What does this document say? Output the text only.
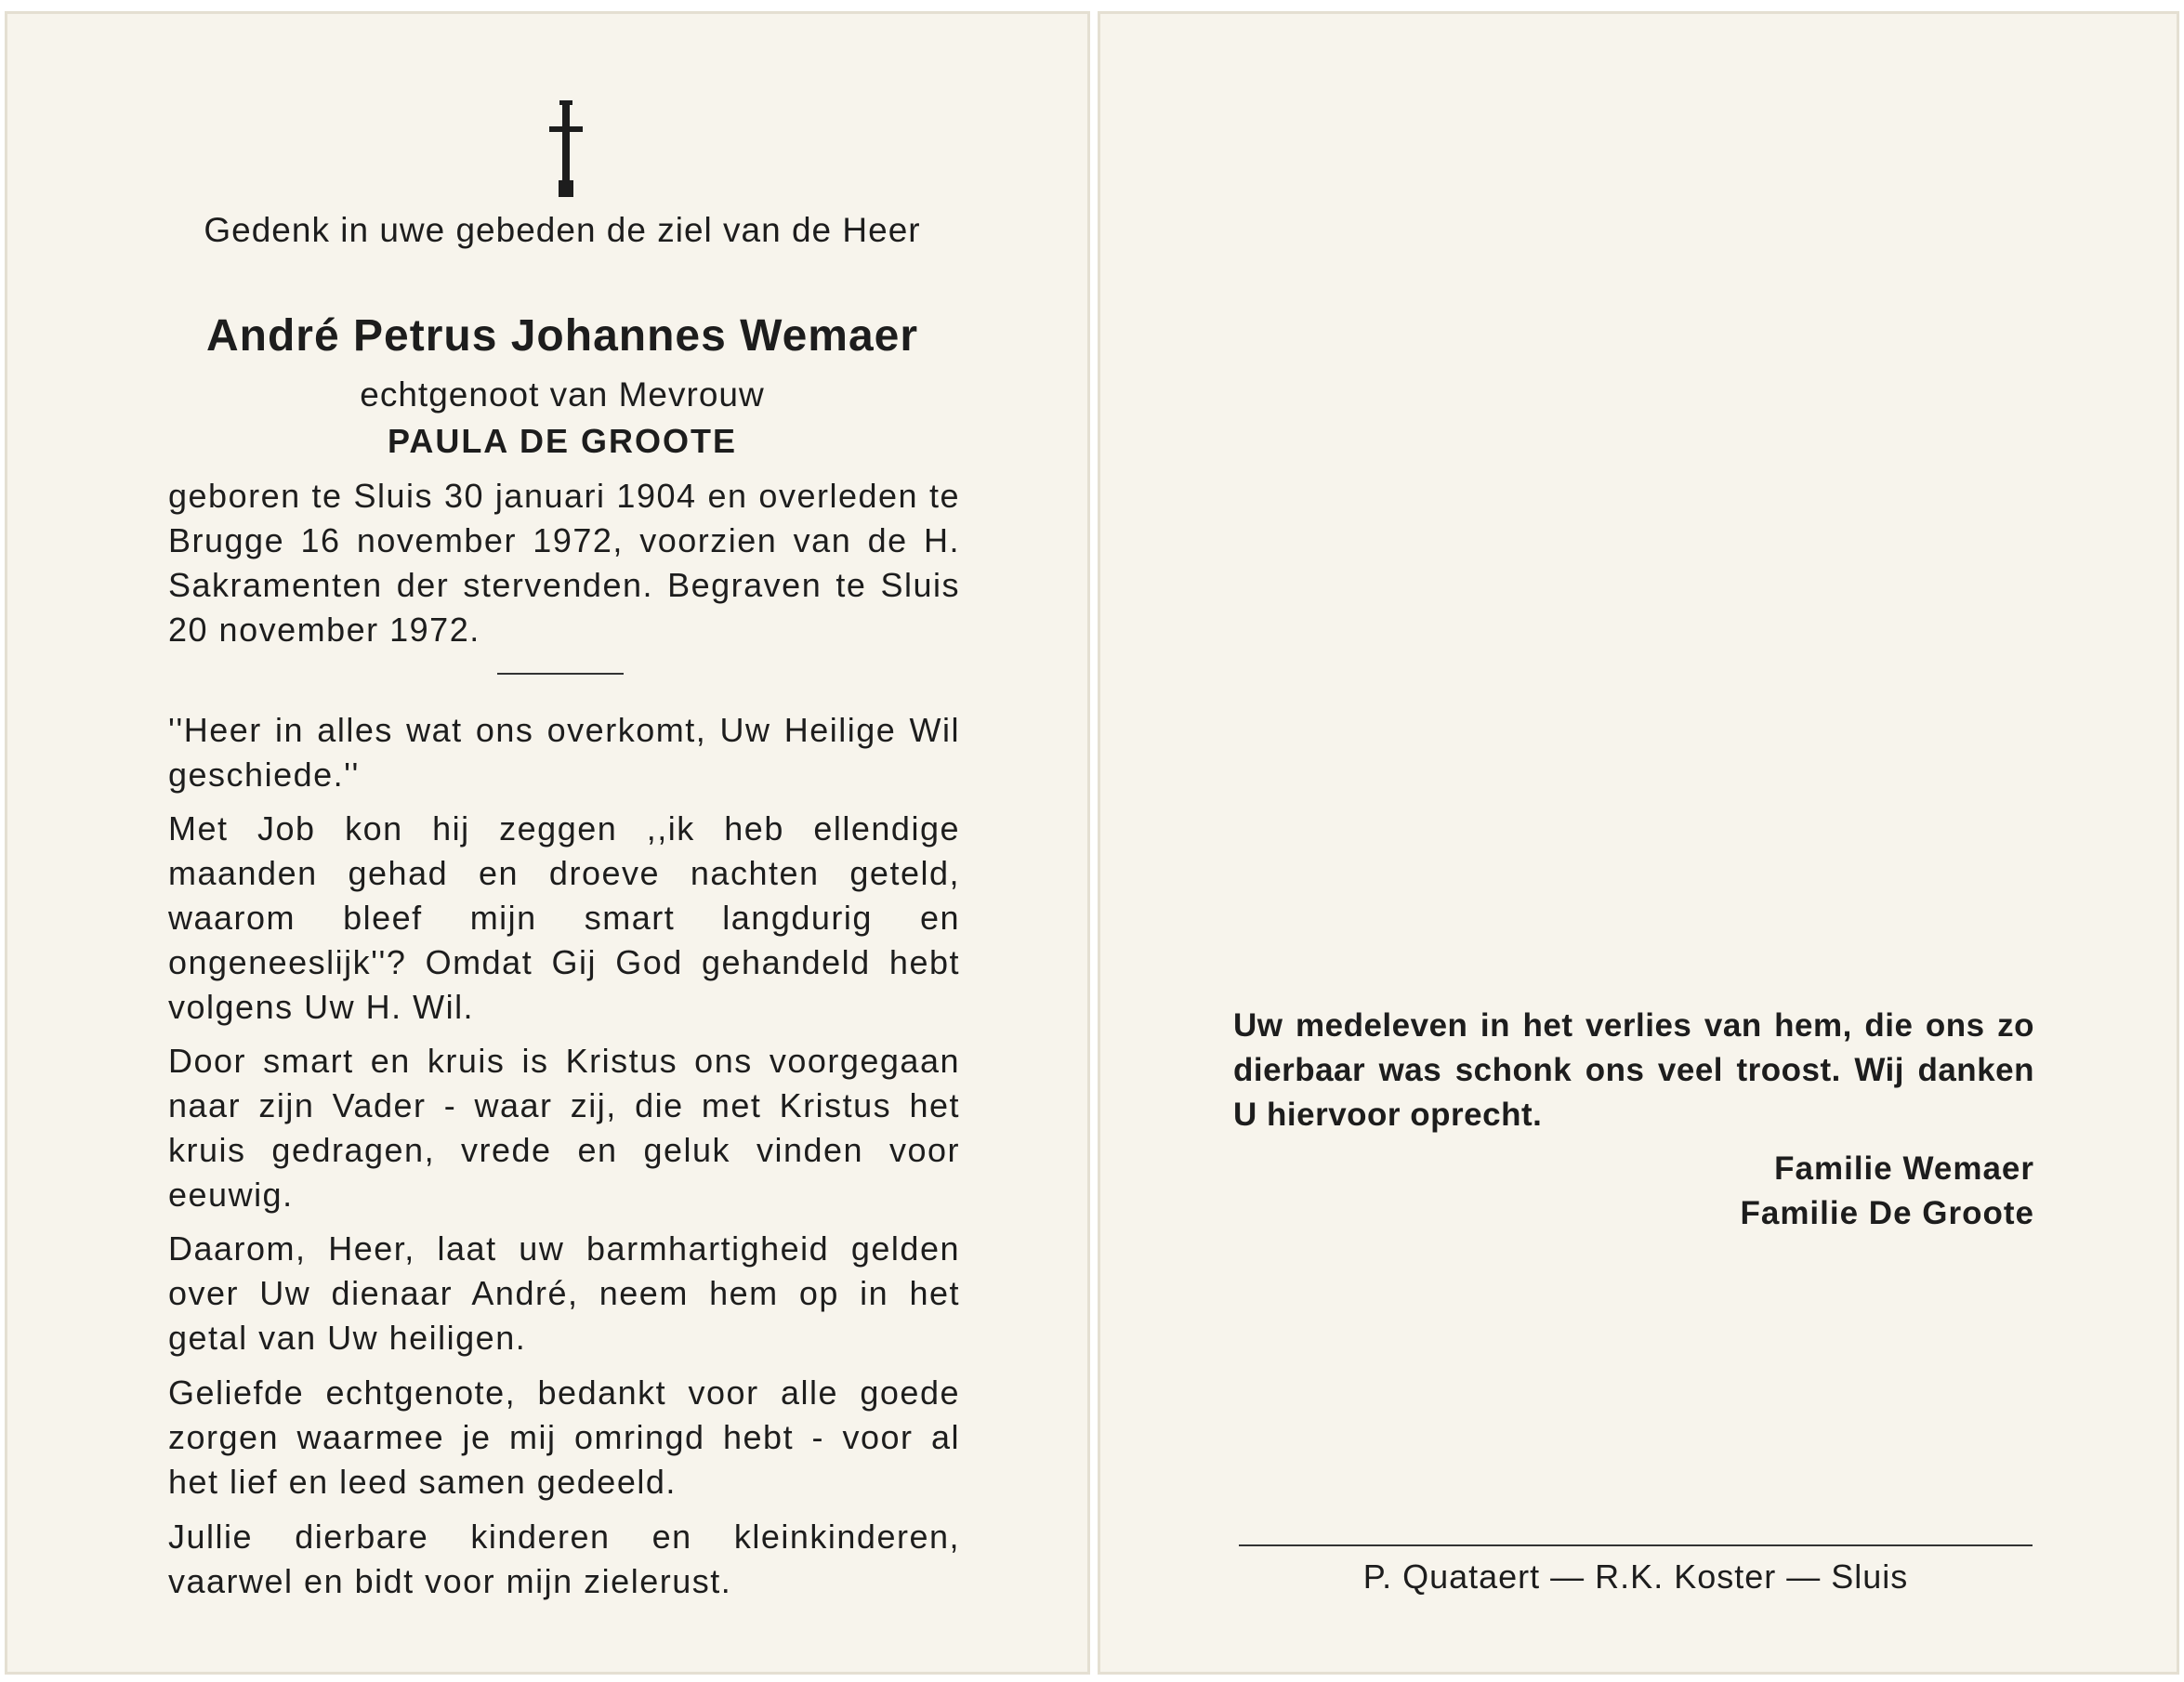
Gedenk in uwe gebeden de ziel van de Heer
André Petrus Johannes Wemaer
echtgenoot van Mevrouw
PAULA DE GROOTE

geboren te Sluis 30 januari 1904 en overleden te Brugge 16 november 1972, voorzien van de H. Sakramenten der stervenden. Begraven te Sluis 20 november 1972.

''Heer in alles wat ons overkomt, Uw Heilige Wil geschiede.''

Met Job kon hij zeggen ,,ik heb ellendige maanden gehad en droeve nachten geteld, waarom bleef mijn smart langdurig en ongeneeslijk''? Omdat Gij God gehandeld hebt volgens Uw H. Wil.

Door smart en kruis is Kristus ons voorgegaan naar zijn Vader - waar zij, die met Kristus het kruis gedragen, vrede en geluk vinden voor eeuwig.

Daarom, Heer, laat uw barmhartigheid gelden over Uw dienaar André, neem hem op in het getal van Uw heiligen.

Geliefde echtgenote, bedankt voor alle goede zorgen waarmee je mij omringd hebt - voor al het lief en leed samen gedeeld.

Jullie dierbare kinderen en kleinkinderen, vaarwel en bidt voor mijn zielerust.

Uw medeleven in het verlies van hem, die ons zo dierbaar was schonk ons veel troost. Wij danken U hiervoor oprecht.

Familie Wemaer
Familie De Groote
P. Quataert — R.K. Koster — Sluis
